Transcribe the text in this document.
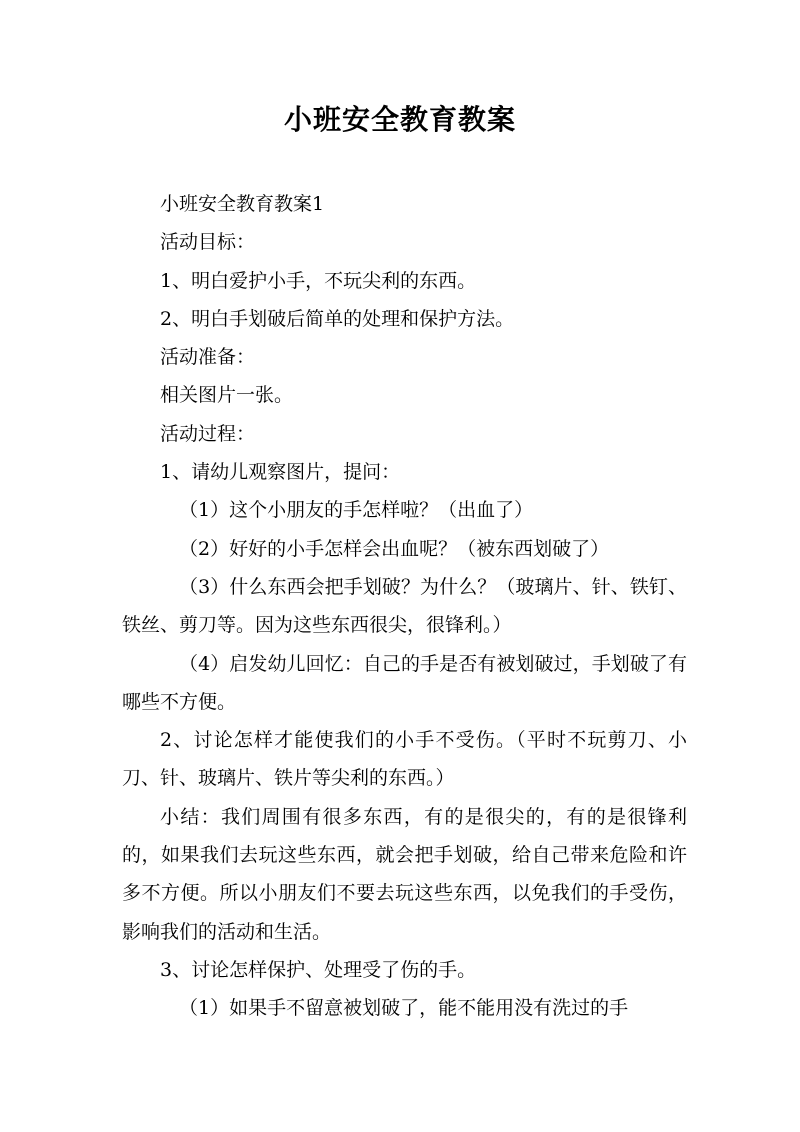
小班安全教育教案

小班安全教育教案1

活动目标：

1、明白爱护小手，不玩尖利的东西。

2、明白手划破后简单的处理和保护方法。

活动准备：

相关图片一张。

活动过程：

1、请幼儿观察图片，提问：

（1）这个小朋友的手怎样啦？（出血了）

（2）好好的小手怎样会出血呢？（被东西划破了）

（3）什么东西会把手划破？为什么？（玻璃片、针、铁钉、铁丝、剪刀等。因为这些东西很尖，很锋利。）

（4）启发幼儿回忆：自己的手是否有被划破过，手划破了有哪些不方便。

2、讨论怎样才能使我们的小手不受伤。（平时不玩剪刀、小刀、针、玻璃片、铁片等尖利的东西。）

小结：我们周围有很多东西，有的是很尖的，有的是很锋利的，如果我们去玩这些东西，就会把手划破，给自己带来危险和许多不方便。所以小朋友们不要去玩这些东西，以免我们的手受伤，影响我们的活动和生活。

3、讨论怎样保护、处理受了伤的手。

（1）如果手不留意被划破了，能不能用没有洗过的手
